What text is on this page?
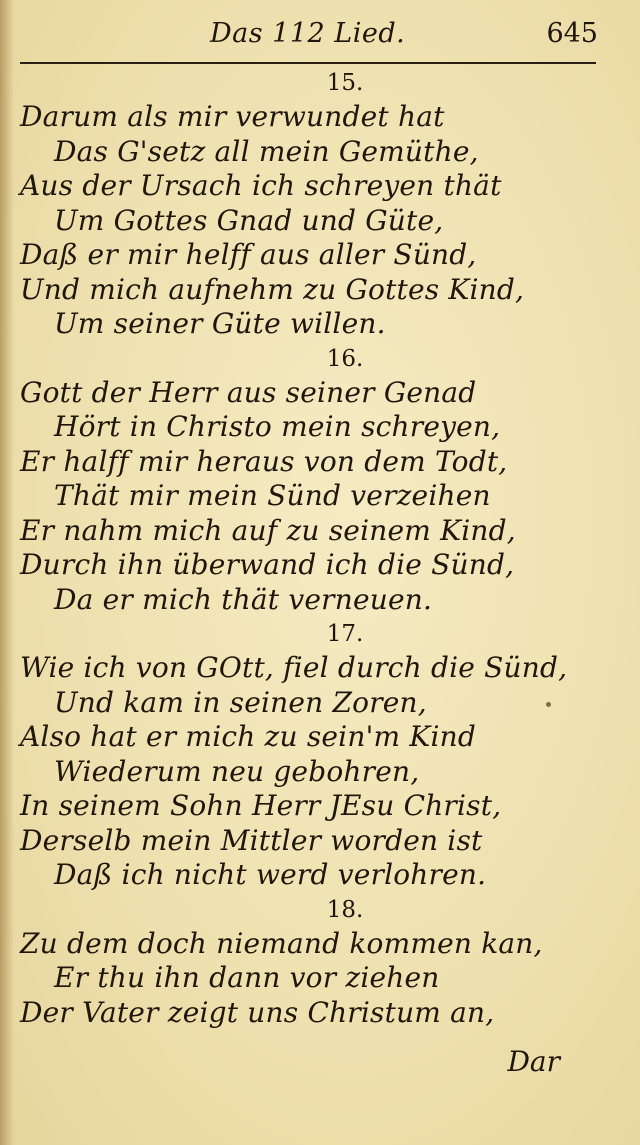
Das 112 Lied.	645
15.
Darum als mir verwundet hat
Das G'setz all mein Gemüthe,
Aus der Ursach ich schreyen thät
Um Gottes Gnad und Güte,
Daß er mir helff aus aller Sünd,
Und mich aufnehm zu Gottes Kind,
Um seiner Güte willen.
16.
Gott der Herr aus seiner Genad
Hört in Christo mein schreyen,
Er halff mir heraus von dem Todt,
Thät mir mein Sünd verzeihen
Er nahm mich auf zu seinem Kind,
Durch ihn überwand ich die Sünd,
Da er mich thät verneuen.
17.
Wie ich von GOtt, fiel durch die Sünd,
Und kam in seinen Zoren,
Also hat er mich zu sein'm Kind
Wiederum neu gebohren,
In seinem Sohn Herr JEsu Christ,
Derselb mein Mittler worden ist
Daß ich nicht werd verlohren.
18.
Zu dem doch niemand kommen kan,
Er thu ihn dann vor ziehen
Der Vater zeigt uns Christum an,
Dar
